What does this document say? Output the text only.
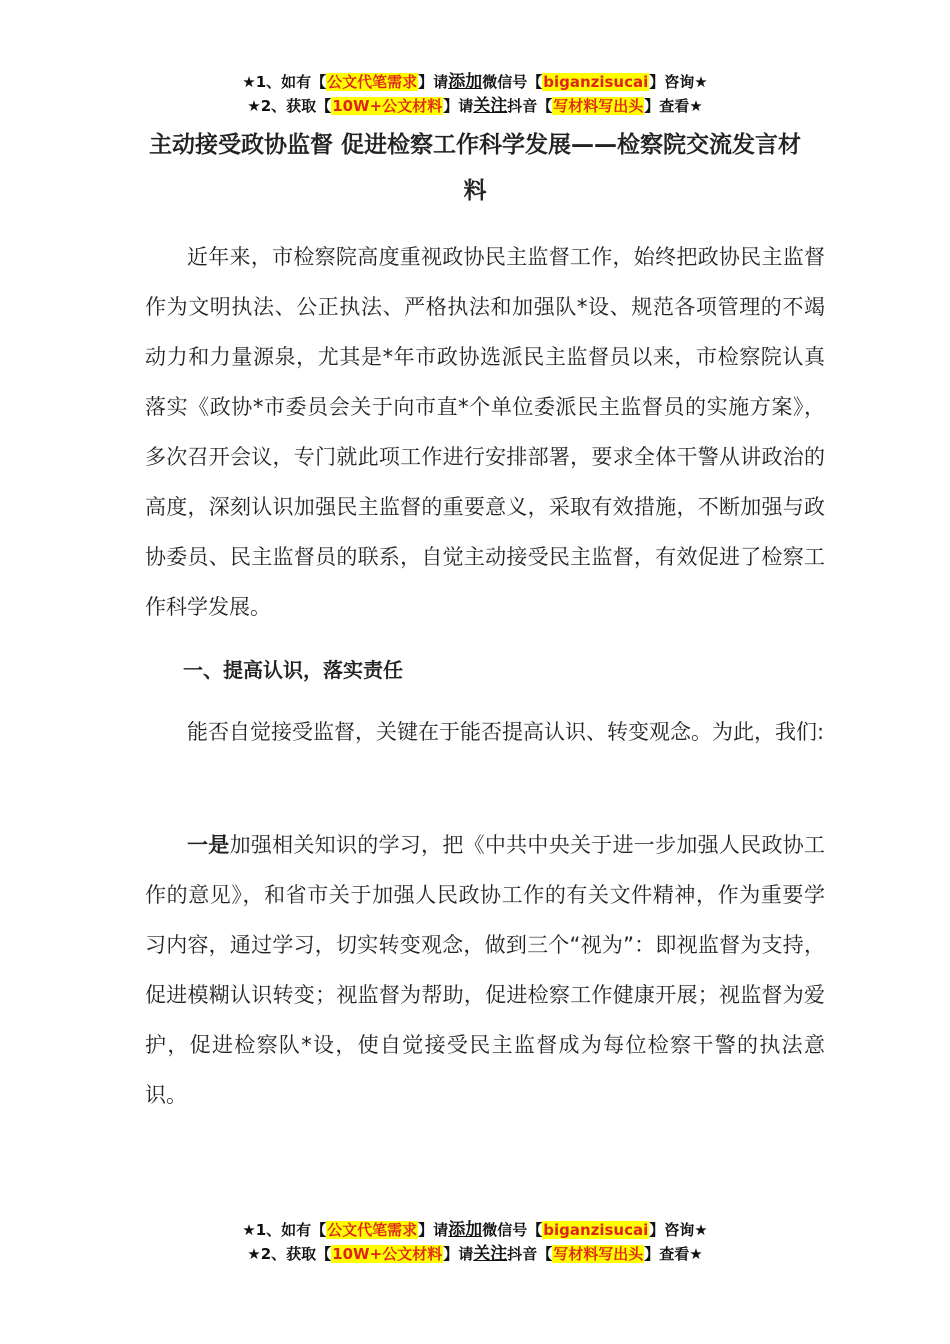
★1、如有【公文代笔需求】请添加微信号【biganzisucai】咨询★
★2、获取【10W+公文材料】请关注抖音【写材料写出头】查看★
主动接受政协监督 促进检察工作科学发展——检察院交流发言材料

近年来，市检察院高度重视政协民主监督工作，始终把政协民主监督作为文明执法、公正执法、严格执法和加强队*设、规范各项管理的不竭动力和力量源泉，尤其是*年市政协选派民主监督员以来，市检察院认真落实《政协*市委员会关于向市直*个单位委派民主监督员的实施方案》，多次召开会议，专门就此项工作进行安排部署，要求全体干警从讲政治的高度，深刻认识加强民主监督的重要意义，采取有效措施，不断加强与政协委员、民主监督员的联系，自觉主动接受民主监督，有效促进了检察工作科学发展。

一、提高认识，落实责任

能否自觉接受监督，关键在于能否提高认识、转变观念。为此，我们:

一是加强相关知识的学习，把《中共中央关于进一步加强人民政协工作的意见》，和省市关于加强人民政协工作的有关文件精神，作为重要学习内容，通过学习，切实转变观念，做到三个“视为”：即视监督为支持，促进模糊认识转变；视监督为帮助，促进检察工作健康开展；视监督为爱护，促进检察队*设，使自觉接受民主监督成为每位检察干警的执法意识。

★1、如有【公文代笔需求】请添加微信号【biganzisucai】咨询★
★2、获取【10W+公文材料】请关注抖音【写材料写出头】查看★
